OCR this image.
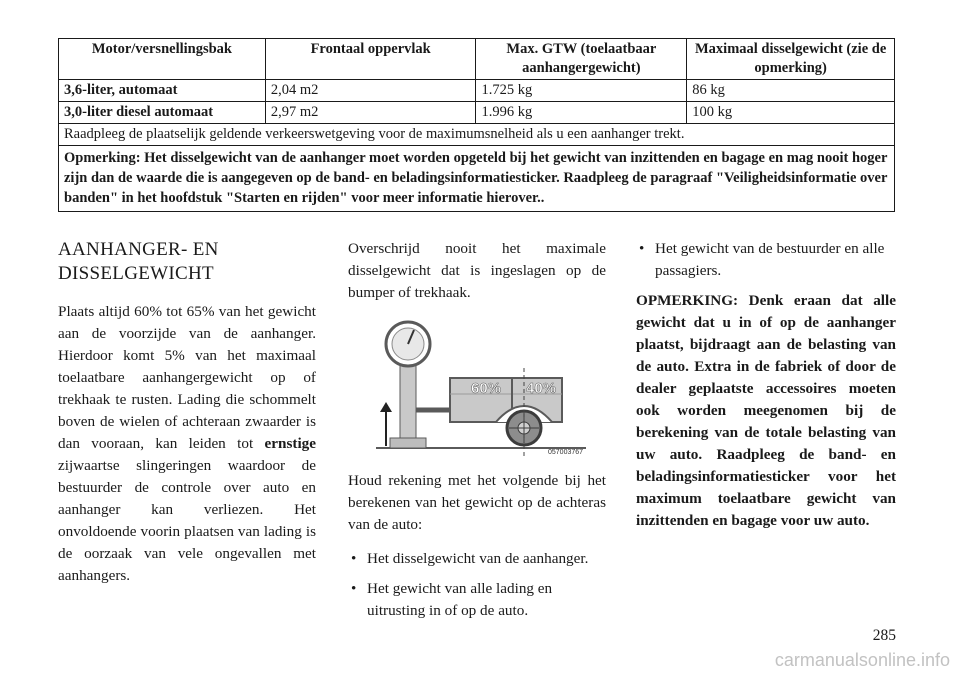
Motor/versnellingsbak	Frontaal oppervlak	Max. GTW (toelaatbaar aanhangergewicht)	Maximaal disselgewicht (zie de opmerking)
3,6-liter, automaat	2,04 m2	1.725 kg	86 kg
3,0-liter diesel automaat	2,97 m2	1.996 kg	100 kg
Raadpleeg de plaatselijk geldende verkeerswetgeving voor de maximumsnelheid als u een aanhanger trekt.			
Opmerking: Het disselgewicht van de aanhanger moet worden opgeteld bij het gewicht van inzittenden en bagage en mag nooit hoger zijn dan de waarde die is aangegeven op de band- en beladingsinformatiesticker. Raadpleeg de paragraaf "Veiligheidsinformatie over banden" in het hoofdstuk "Starten en rijden" voor meer informatie hierover..			
AANHANGER- EN DISSELGEWICHT

Plaats altijd 60% tot 65% van het gewicht aan de voorzijde van de aanhanger. Hierdoor komt 5% van het maximaal toelaatbare aanhangergewicht op of trekhaak te rusten. Lading die schommelt boven de wielen of achteraan zwaarder is dan vooraan, kan leiden tot ernstige zijwaartse slingeringen waardoor de bestuurder de controle over auto en aanhanger kan verliezen. Het onvoldoende voorin plaatsen van lading is de oorzaak van vele ongevallen met aanhangers.

Overschrijd nooit het maximale disselgewicht dat is ingeslagen op de bumper of trekhaak.

60% 40%
057003767

Houd rekening met het volgende bij het berekenen van het gewicht op de achteras van de auto:

• Het disselgewicht van de aanhanger.
• Het gewicht van alle lading en uitrusting in of op de auto.
• Het gewicht van de bestuurder en alle passagiers.

OPMERKING: Denk eraan dat alle gewicht dat u in of op de aanhanger plaatst, bijdraagt aan de belasting van de auto. Extra in de fabriek of door de dealer geplaatste accessoires moeten ook worden meegenomen bij de berekening van de totale belasting van uw auto. Raadpleeg de band- en beladingsinformatiesticker voor het maximum toelaatbare gewicht van inzittenden en bagage voor uw auto.

285
carmanualsonline.info
